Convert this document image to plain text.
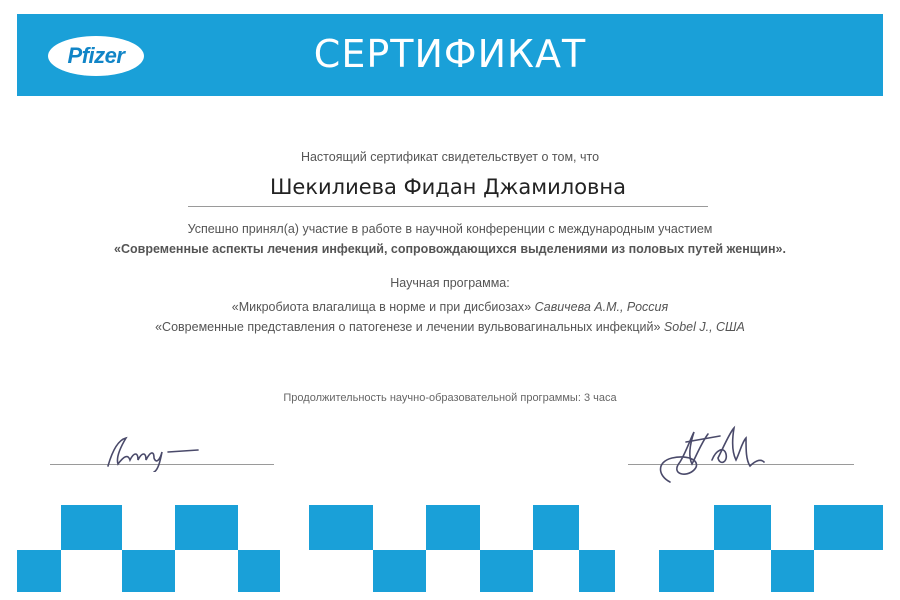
Pfizer	СЕРТИФИКАТ
Настоящий сертификат свидетельствует о том, что
Шекилиева Фидан Джамиловна
Успешно принял(а) участие в работе в научной конференции с международным участием
«Современные аспекты лечения инфекций, сопровождающихся выделениями из половых путей женщин».
Научная программа:
«Микробиота влагалища в норме и при дисбиозах» Савичева А.М., Россия
«Современные представления о патогенезе и лечении вульвовагинальных инфекций» Sobel J., США
Продолжительность научно-образовательной программы: 3 часа
